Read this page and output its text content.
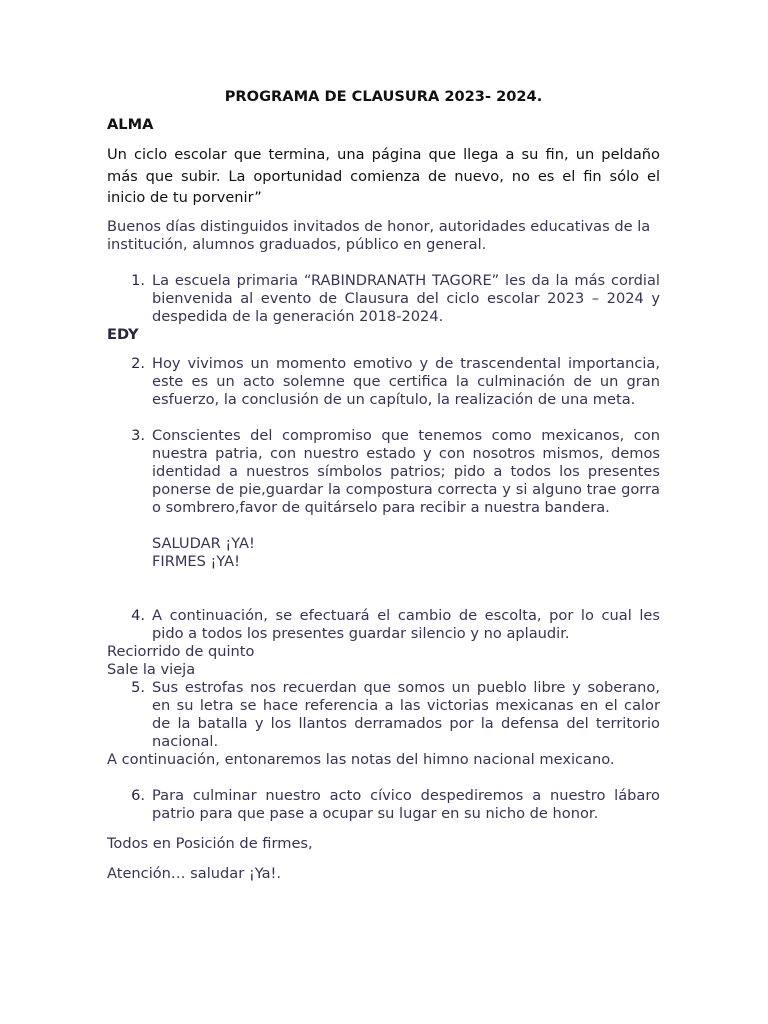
PROGRAMA DE CLAUSURA 2023- 2024.
ALMA
Un ciclo escolar que termina, una página que llega a su fin, un peldaño más que subir. La oportunidad comienza de nuevo, no es el fin sólo el inicio de tu porvenir”
Buenos días distinguidos invitados de honor, autoridades educativas de la institución, alumnos graduados, público en general.
1. La escuela primaria “RABINDRANATH TAGORE” les da la más cordial bienvenida al evento de Clausura del ciclo escolar 2023 – 2024 y despedida de la generación 2018-2024.
EDY
2. Hoy vivimos un momento emotivo y de trascendental importancia, este es un acto solemne que certifica la culminación de un gran esfuerzo, la conclusión de un capítulo, la realización de una meta.
3. Conscientes del compromiso que tenemos como mexicanos, con nuestra patria, con nuestro estado y con nosotros mismos, demos identidad a nuestros símbolos patrios; pido a todos los presentes ponerse de pie,guardar la compostura correcta y si alguno trae gorra o sombrero,favor de quitárselo para recibir a nuestra bandera.
SALUDAR ¡YA!
FIRMES ¡YA!
4. A continuación, se efectuará el cambio de escolta, por lo cual les pido a todos los presentes guardar silencio y no aplaudir.
Reciorrido de quinto
Sale la vieja
5. Sus estrofas nos recuerdan que somos un pueblo libre y soberano, en su letra se hace referencia a las victorias mexicanas en el calor de la batalla y los llantos derramados por la defensa del territorio nacional.
A continuación, entonaremos las notas del himno nacional mexicano.
6. Para culminar nuestro acto cívico despediremos a nuestro lábaro patrio para que pase a ocupar su lugar en su nicho de honor.
Todos en Posición de firmes,
Atención… saludar ¡Ya!.
